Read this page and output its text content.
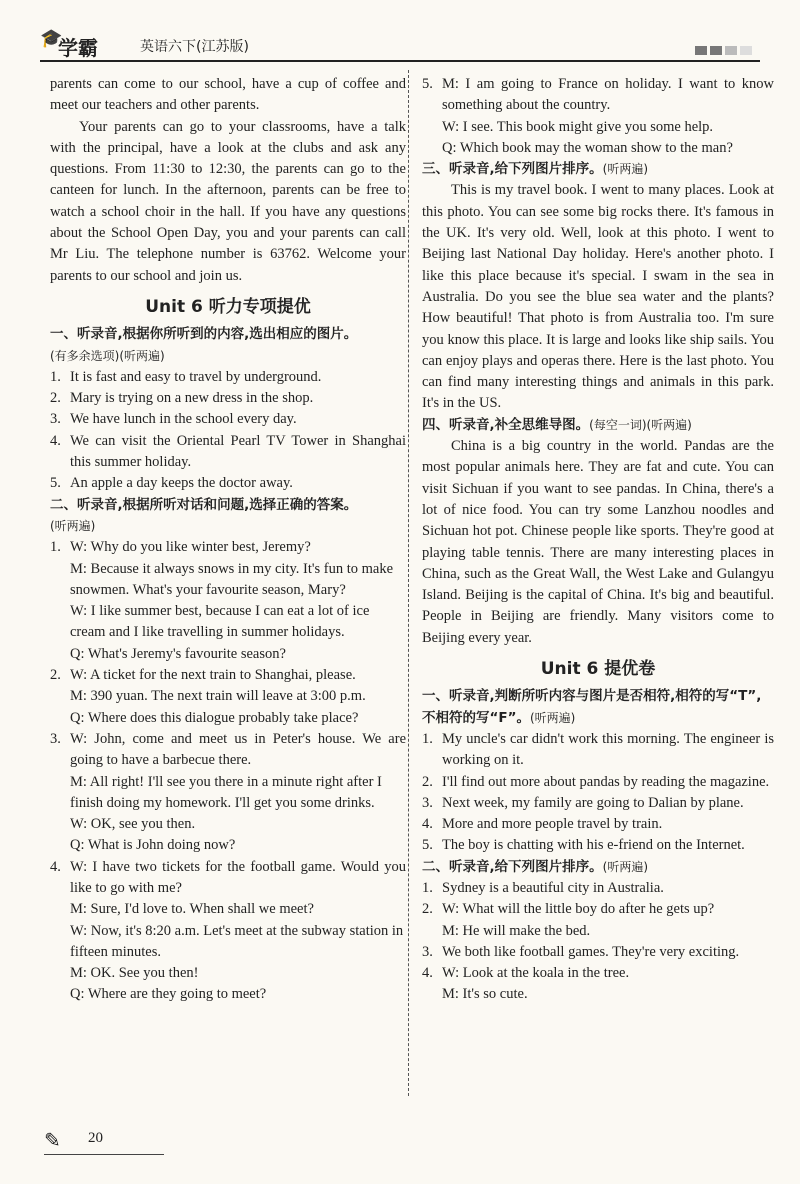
🎓
学霸	英语六下(江苏版)

parents can come to our school, have a cup of coffee and meet our teachers and other parents.

Your parents can go to your classrooms, have a talk with the principal, have a look at the clubs and ask any questions. From 11:30 to 12:30, the parents can go to the canteen for lunch. In the afternoon, parents can be free to watch a school choir in the hall. If you have any questions about the School Open Day, you and your parents can call Mr Liu. The telephone number is 63762. Welcome your parents to our school and join us.

Unit 6 听力专项提优

一、听录音,根据你所听到的内容,选出相应的图片。
(有多余选项)(听两遍)

1. It is fast and easy to travel by underground.
2. Mary is trying on a new dress in the shop.
3. We have lunch in the school every day.
4. We can visit the Oriental Pearl TV Tower in Shanghai this summer holiday.
5. An apple a day keeps the doctor away.

二、听录音,根据所听对话和问题,选择正确的答案。
(听两遍)

1. W: Why do you like winter best, Jeremy?
M: Because it always snows in my city. It's fun to make snowmen. What's your favourite season, Mary?
W: I like summer best, because I can eat a lot of ice cream and I like travelling in summer holidays.
Q: What's Jeremy's favourite season?
2. W: A ticket for the next train to Shanghai, please.
M: 390 yuan. The next train will leave at 3:00 p.m.
Q: Where does this dialogue probably take place?
3. W: John, come and meet us in Peter's house. We are going to have a barbecue there.
M: All right! I'll see you there in a minute right after I finish doing my homework. I'll get you some drinks.
W: OK, see you then.
Q: What is John doing now?
4. W: I have two tickets for the football game. Would you like to go with me?
M: Sure, I'd love to. When shall we meet?
W: Now, it's 8:20 a.m. Let's meet at the subway station in fifteen minutes.
M: OK. See you then!
Q: Where are they going to meet?
5. M: I am going to France on holiday. I want to know something about the country.
W: I see. This book might give you some help.
Q: Which book may the woman show to the man?

三、听录音,给下列图片排序。(听两遍)

This is my travel book. I went to many places. Look at this photo. You can see some big rocks there. It's famous in the UK. It's very old. Well, look at this photo. I went to Beijing last National Day holiday. Here's another photo. I like this place because it's special. I swam in the sea in Australia. Do you see the blue sea water and the plants? How beautiful! That photo is from Australia too. I'm sure you know this place. It is large and looks like ship sails. You can enjoy plays and operas there. Here is the last photo. You can find many interesting things and animals in this park. It's in the US.

四、听录音,补全思维导图。(每空一词)(听两遍)

China is a big country in the world. Pandas are the most popular animals here. They are fat and cute. You can visit Sichuan if you want to see pandas. In China, there's a lot of nice food. You can try some Lanzhou noodles and Sichuan hot pot. Chinese people like sports. They're good at playing table tennis. There are many interesting places in China, such as the Great Wall, the West Lake and Gulangyu Island. Beijing is the capital of China. It's big and beautiful. People in Beijing are friendly. Many visitors come to Beijing every year.

Unit 6 提优卷

一、听录音,判断所听内容与图片是否相符,相符的写“T”,不相符的写“F”。(听两遍)

1. My uncle's car didn't work this morning. The engineer is working on it.
2. I'll find out more about pandas by reading the magazine.
3. Next week, my family are going to Dalian by plane.
4. More and more people travel by train.
5. The boy is chatting with his e-friend on the Internet.

二、听录音,给下列图片排序。(听两遍)

1. Sydney is a beautiful city in Australia.
2. W: What will the little boy do after he gets up?
M: He will make the bed.
3. We both like football games. They're very exciting.
4. W: Look at the koala in the tree.
M: It's so cute.
✎ 20
